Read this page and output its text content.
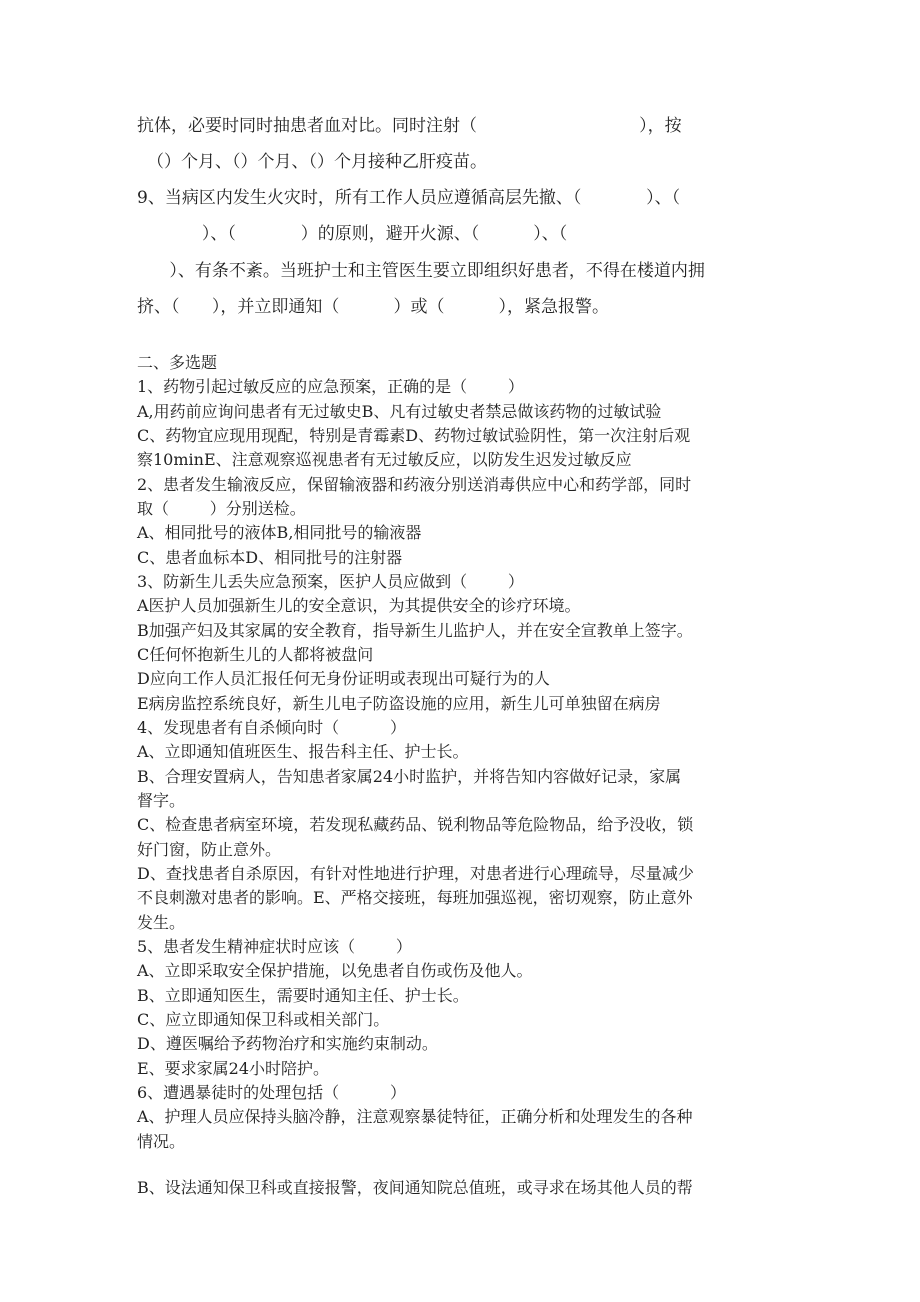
抗体，必要时同时抽患者血对比。同时注射（                              ），按
（）个月、（）个月、（）个月接种乙肝疫苗。
9、当病区内发生火灾时，所有工作人员应遵循高层先撤、（            ）、（
）、（            ）的原则，避开火源、（          ）、（
）、有条不紊。当班护士和主管医生要立即组织好患者，不得在楼道内拥
挤、（      ），并立即通知（          ）或（          ），紧急报警。
二、多选题
1、药物引起过敏反应的应急预案，正确的是（        ）
A,用药前应询问患者有无过敏史B、凡有过敏史者禁忌做该药物的过敏试验
C、药物宜应现用现配，特别是青霉素D、药物过敏试验阴性，第一次注射后观
察10minE、注意观察巡视患者有无过敏反应，以防发生迟发过敏反应
2、患者发生输液反应，保留输液器和药液分别送消毒供应中心和药学部，同时
取（        ）分别送检。
A、相同批号的液体B,相同批号的输液器
C、患者血标本D、相同批号的注射器
3、防新生儿丢失应急预案，医护人员应做到（        ）
A医护人员加强新生儿的安全意识，为其提供安全的诊疗环境。
B加强产妇及其家属的安全教育，指导新生儿监护人，并在安全宣教单上签字。
C任何怀抱新生儿的人都将被盘问
D应向工作人员汇报任何无身份证明或表现出可疑行为的人
E病房监控系统良好，新生儿电子防盗设施的应用，新生儿可单独留在病房
4、发现患者有自杀倾向时（          ）
A、立即通知值班医生、报告科主任、护士长。
B、合理安置病人，告知患者家属24小时监护，并将告知内容做好记录，家属
督字。
C、检查患者病室环境，若发现私藏药品、锐利物品等危险物品，给予没收，锁
好门窗，防止意外。
D、查找患者自杀原因，有针对性地进行护理，对患者进行心理疏导，尽量减少
不良刺激对患者的影响。E、严格交接班，每班加强巡视，密切观察，防止意外
发生。
5、患者发生精神症状时应该（        ）
A、立即采取安全保护措施，以免患者自伤或伤及他人。
B、立即通知医生，需要时通知主任、护士长。
C、应立即通知保卫科或相关部门。
D、遵医嘱给予药物治疗和实施约束制动。
E、要求家属24小时陪护。
6、遭遇暴徒时的处理包括（          ）
A、护理人员应保持头脑冷静，注意观察暴徒特征，正确分析和处理发生的各种
情况。
B、设法通知保卫科或直接报警，夜间通知院总值班，或寻求在场其他人员的帮
